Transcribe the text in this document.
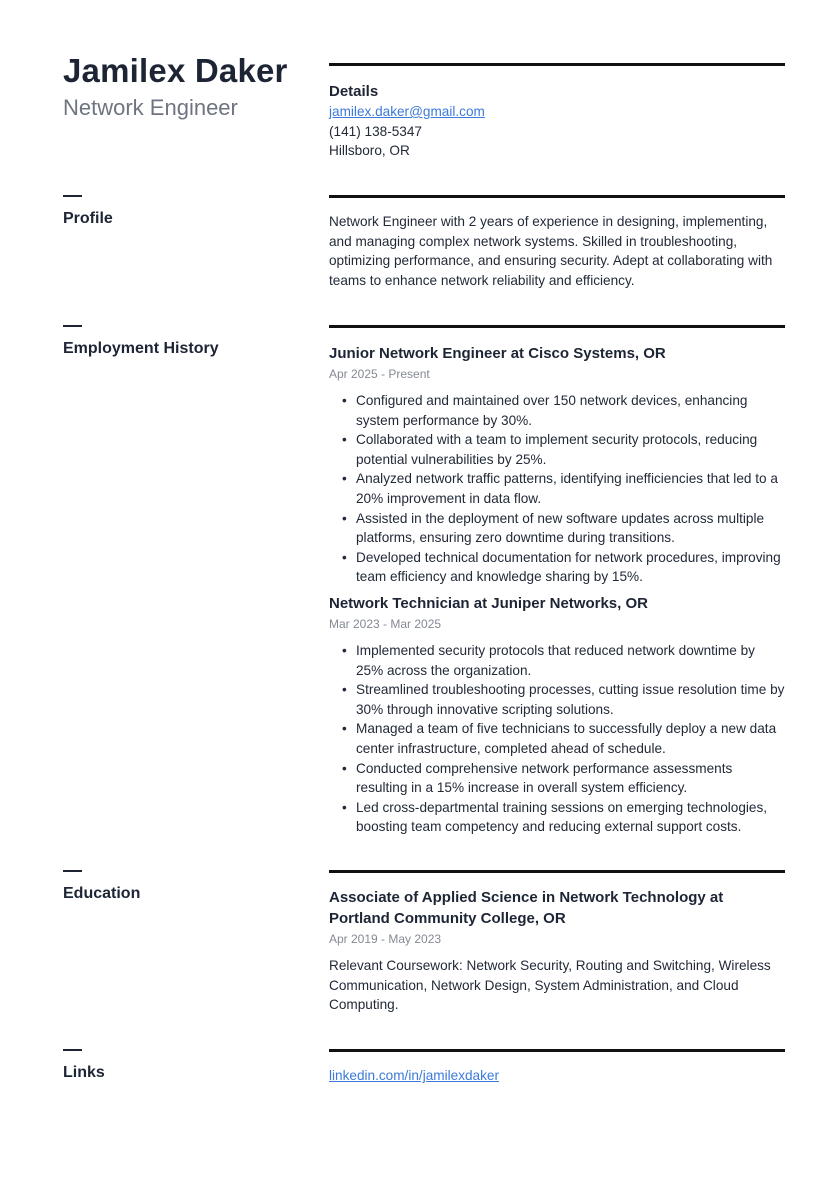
Jamilex Daker
Network Engineer
Details
jamilex.daker@gmail.com
(141) 138-5347
Hillsboro, OR
Profile	Network Engineer with 2 years of experience in designing, implementing, and managing complex network systems. Skilled in troubleshooting, optimizing performance, and ensuring security. Adept at collaborating with teams to enhance network reliability and efficiency.

Employment History	Junior Network Engineer at Cisco Systems, OR
Apr 2025 - Present
• Configured and maintained over 150 network devices, enhancing system performance by 30%.
• Collaborated with a team to implement security protocols, reducing potential vulnerabilities by 25%.
• Analyzed network traffic patterns, identifying inefficiencies that led to a 20% improvement in data flow.
• Assisted in the deployment of new software updates across multiple platforms, ensuring zero downtime during transitions.
• Developed technical documentation for network procedures, improving team efficiency and knowledge sharing by 15%.
Network Technician at Juniper Networks, OR
Mar 2023 - Mar 2025
• Implemented security protocols that reduced network downtime by 25% across the organization.
• Streamlined troubleshooting processes, cutting issue resolution time by 30% through innovative scripting solutions.
• Managed a team of five technicians to successfully deploy a new data center infrastructure, completed ahead of schedule.
• Conducted comprehensive network performance assessments resulting in a 15% increase in overall system efficiency.
• Led cross-departmental training sessions on emerging technologies, boosting team competency and reducing external support costs.
Education	Associate of Applied Science in Network Technology at Portland Community College, OR
Apr 2019 - May 2023

Relevant Coursework: Network Security, Routing and Switching, Wireless Communication, Network Design, System Administration, and Cloud Computing.

Links	linkedin.com/in/jamilexdaker
